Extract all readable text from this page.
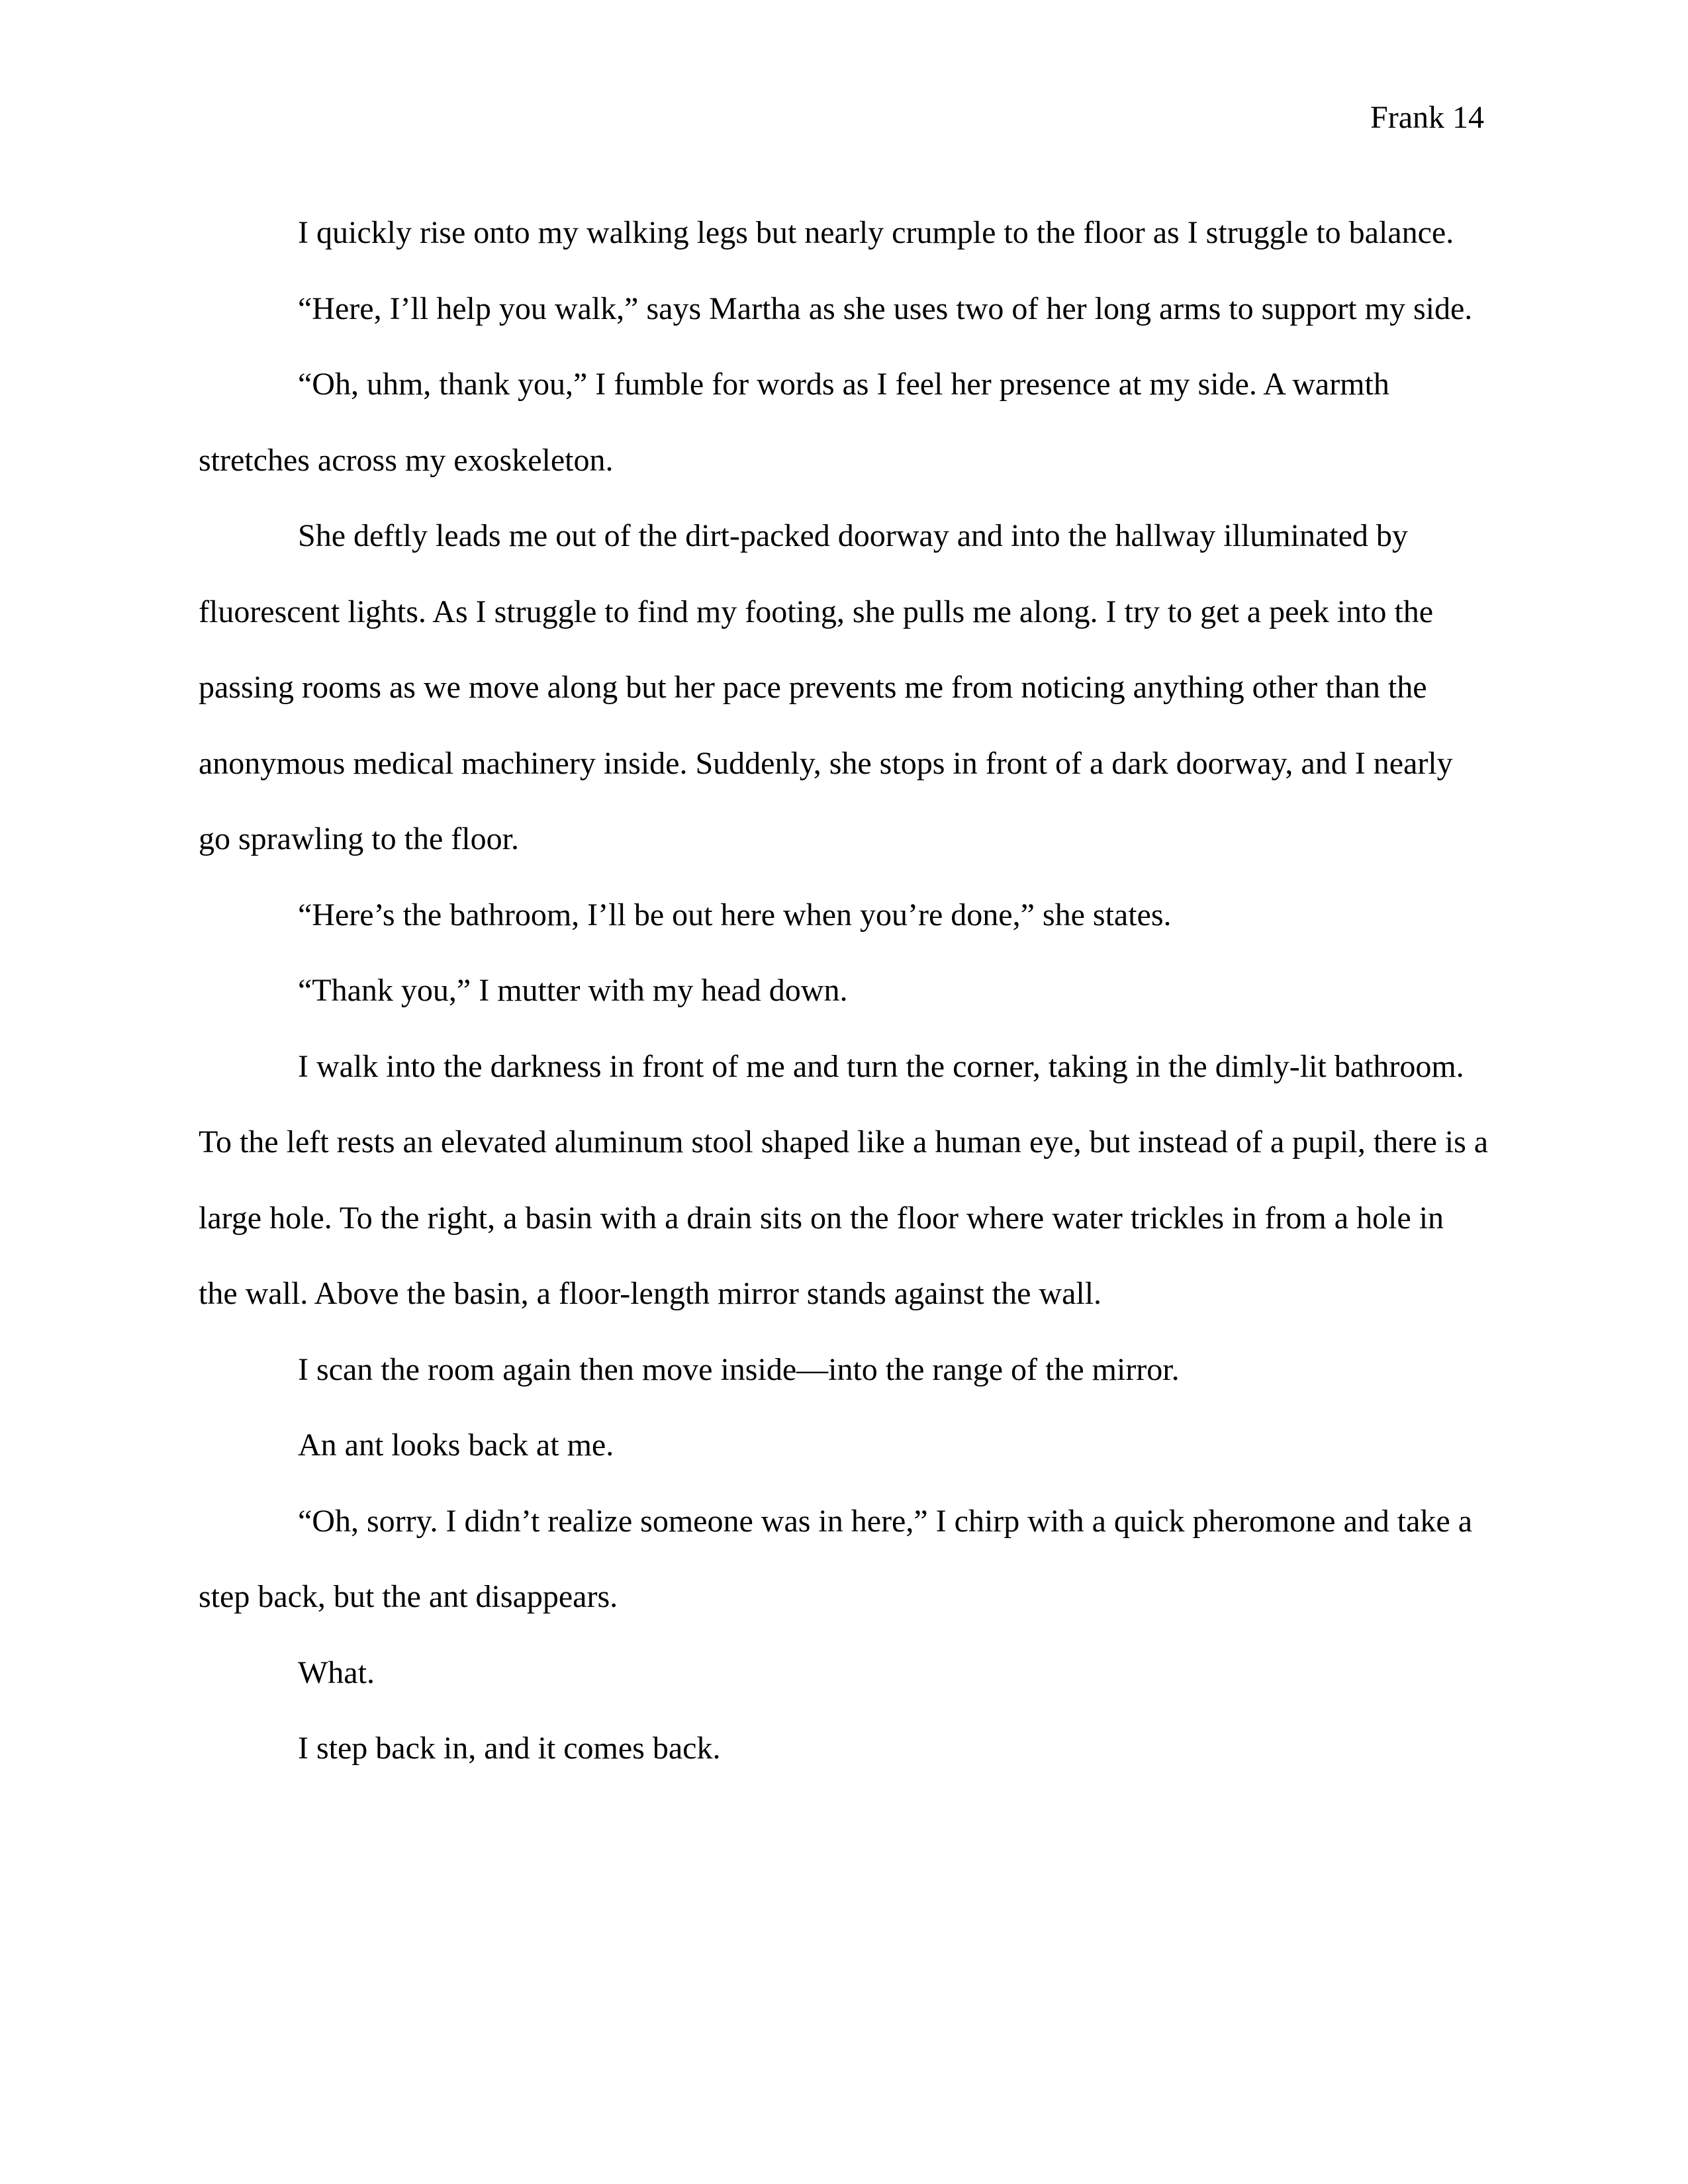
Frank 14

I quickly rise onto my walking legs but nearly crumple to the floor as I struggle to balance.

“Here, I’ll help you walk,” says Martha as she uses two of her long arms to support my side.

“Oh, uhm, thank you,” I fumble for words as I feel her presence at my side. A warmth stretches across my exoskeleton.

She deftly leads me out of the dirt-packed doorway and into the hallway illuminated by fluorescent lights. As I struggle to find my footing, she pulls me along. I try to get a peek into the passing rooms as we move along but her pace prevents me from noticing anything other than the anonymous medical machinery inside. Suddenly, she stops in front of a dark doorway, and I nearly go sprawling to the floor.

“Here’s the bathroom, I’ll be out here when you’re done,” she states.

“Thank you,” I mutter with my head down.

I walk into the darkness in front of me and turn the corner, taking in the dimly-lit bathroom. To the left rests an elevated aluminum stool shaped like a human eye, but instead of a pupil, there is a large hole. To the right, a basin with a drain sits on the floor where water trickles in from a hole in the wall. Above the basin, a floor-length mirror stands against the wall.

I scan the room again then move inside—into the range of the mirror.

An ant looks back at me.

“Oh, sorry. I didn’t realize someone was in here,” I chirp with a quick pheromone and take a step back, but the ant disappears.

What.

I step back in, and it comes back.
